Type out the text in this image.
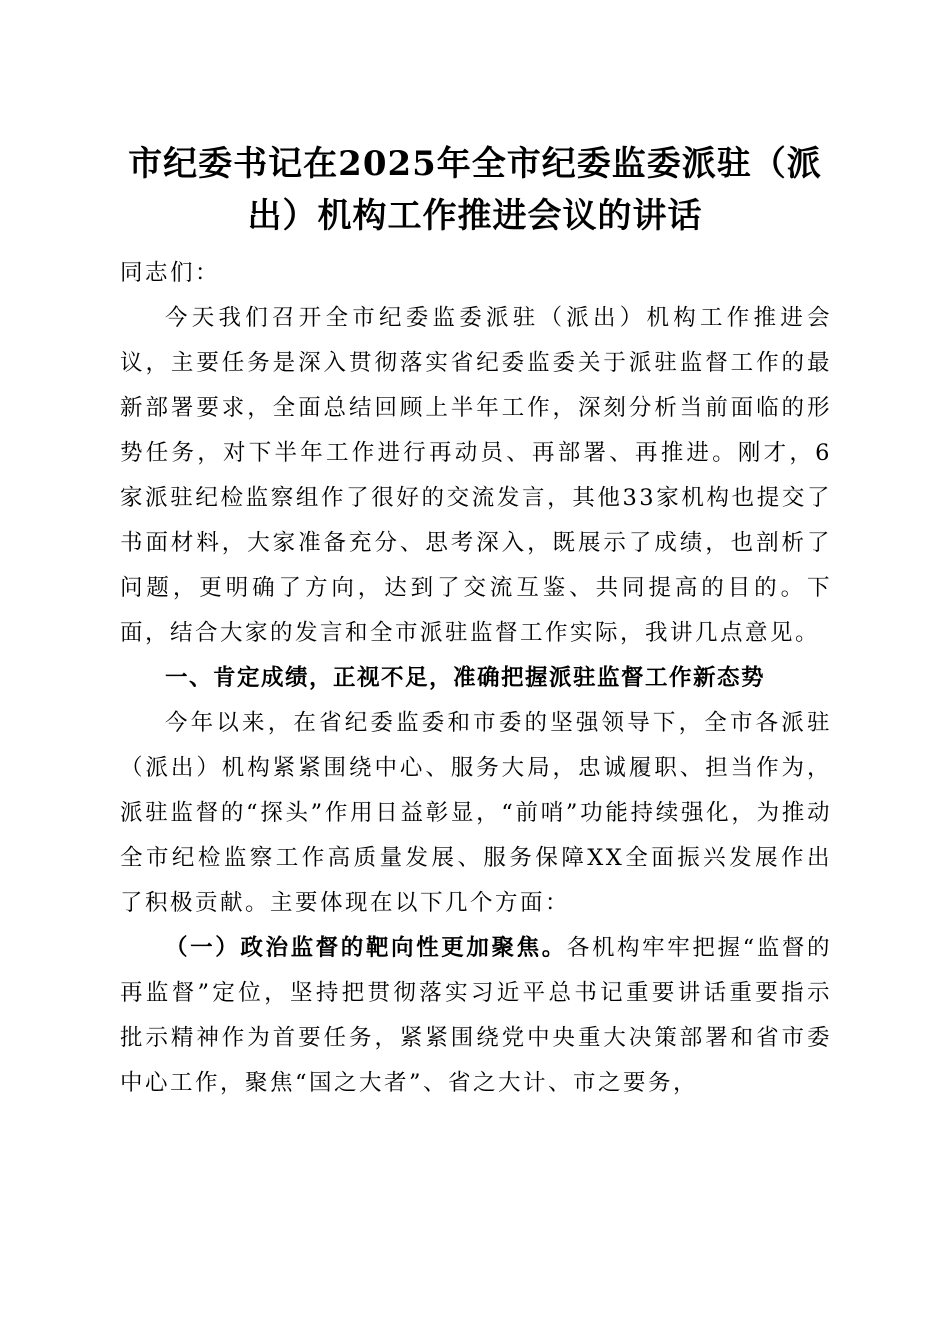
市纪委书记在2025年全市纪委监委派驻（派
出）机构工作推进会议的讲话

同志们：

今天我们召开全市纪委监委派驻（派出）机构工作推进会议，主要任务是深入贯彻落实省纪委监委关于派驻监督工作的最新部署要求，全面总结回顾上半年工作，深刻分析当前面临的形势任务，对下半年工作进行再动员、再部署、再推进。刚才，6家派驻纪检监察组作了很好的交流发言，其他33家机构也提交了书面材料，大家准备充分、思考深入，既展示了成绩，也剖析了问题，更明确了方向，达到了交流互鉴、共同提高的目的。下面，结合大家的发言和全市派驻监督工作实际，我讲几点意见。

一、肯定成绩，正视不足，准确把握派驻监督工作新态势

今年以来，在省纪委监委和市委的坚强领导下，全市各派驻（派出）机构紧紧围绕中心、服务大局，忠诚履职、担当作为，派驻监督的“探头”作用日益彰显，“前哨”功能持续强化，为推动全市纪检监察工作高质量发展、服务保障XX全面振兴发展作出了积极贡献。主要体现在以下几个方面：

（一）政治监督的靶向性更加聚焦。各机构牢牢把握“监督的再监督”定位，坚持把贯彻落实习近平总书记重要讲话重要指示批示精神作为首要任务，紧紧围绕党中央重大决策部署和省市委中心工作，聚焦“国之大者”、省之大计、市之要务，
